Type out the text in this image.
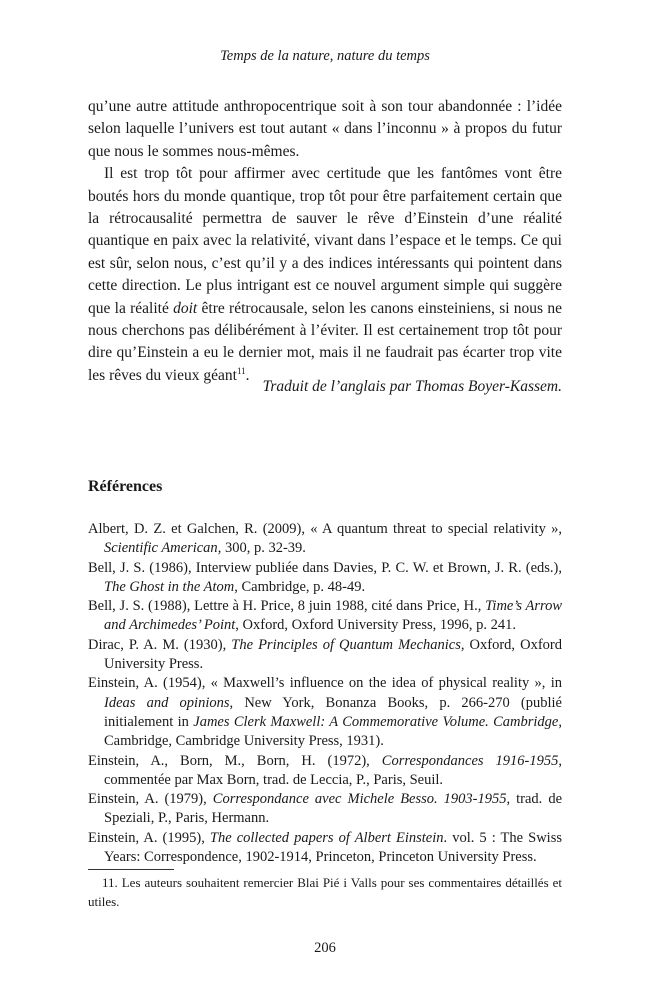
Temps de la nature, nature du temps

qu’une autre attitude anthropocentrique soit à son tour abandonnée : l’idée selon laquelle l’univers est tout autant « dans l’inconnu » à propos du futur que nous le sommes nous-mêmes.

Il est trop tôt pour affirmer avec certitude que les fantômes vont être boutés hors du monde quantique, trop tôt pour être parfaitement certain que la rétrocausalité permettra de sauver le rêve d’Einstein d’une réalité quantique en paix avec la relativité, vivant dans l’espace et le temps. Ce qui est sûr, selon nous, c’est qu’il y a des indices intéressants qui pointent dans cette direction. Le plus intrigant est ce nouvel argument simple qui suggère que la réalité doit être rétrocausale, selon les canons einsteiniens, si nous ne nous cherchons pas délibérément à l’éviter. Il est certainement trop tôt pour dire qu’Einstein a eu le dernier mot, mais il ne faudrait pas écarter trop vite les rêves du vieux géant$^{11}$.

Traduit de l’anglais par Thomas Boyer-Kassem.
Références
Albert, D. Z. et Galchen, R. (2009), « A quantum threat to special relativity », Scientific American, 300, p. 32-39.
Bell, J. S. (1986), Interview publiée dans Davies, P. C. W. et Brown, J. R. (eds.), The Ghost in the Atom, Cambridge, p. 48-49.
Bell, J. S. (1988), Lettre à H. Price, 8 juin 1988, cité dans Price, H., Time’s Arrow and Archimedes’ Point, Oxford, Oxford University Press, 1996, p. 241.
Dirac, P. A. M. (1930), The Principles of Quantum Mechanics, Oxford, Oxford University Press.
Einstein, A. (1954), « Maxwell’s influence on the idea of physical reality », in Ideas and opinions, New York, Bonanza Books, p. 266-270 (publié initialement in James Clerk Maxwell: A Commemorative Volume. Cambridge, Cambridge, Cambridge University Press, 1931).
Einstein, A., Born, M., Born, H. (1972), Correspondances 1916-1955, commentée par Max Born, trad. de Leccia, P., Paris, Seuil.
Einstein, A. (1979), Correspondance avec Michele Besso. 1903-1955, trad. de Speziali, P., Paris, Hermann.
Einstein, A. (1995), The collected papers of Albert Einstein. vol. 5 : The Swiss Years: Correspondence, 1902-1914, Princeton, Princeton University Press.
11. Les auteurs souhaitent remercier Blai Pié i Valls pour ses commentaires détaillés et utiles.
206
